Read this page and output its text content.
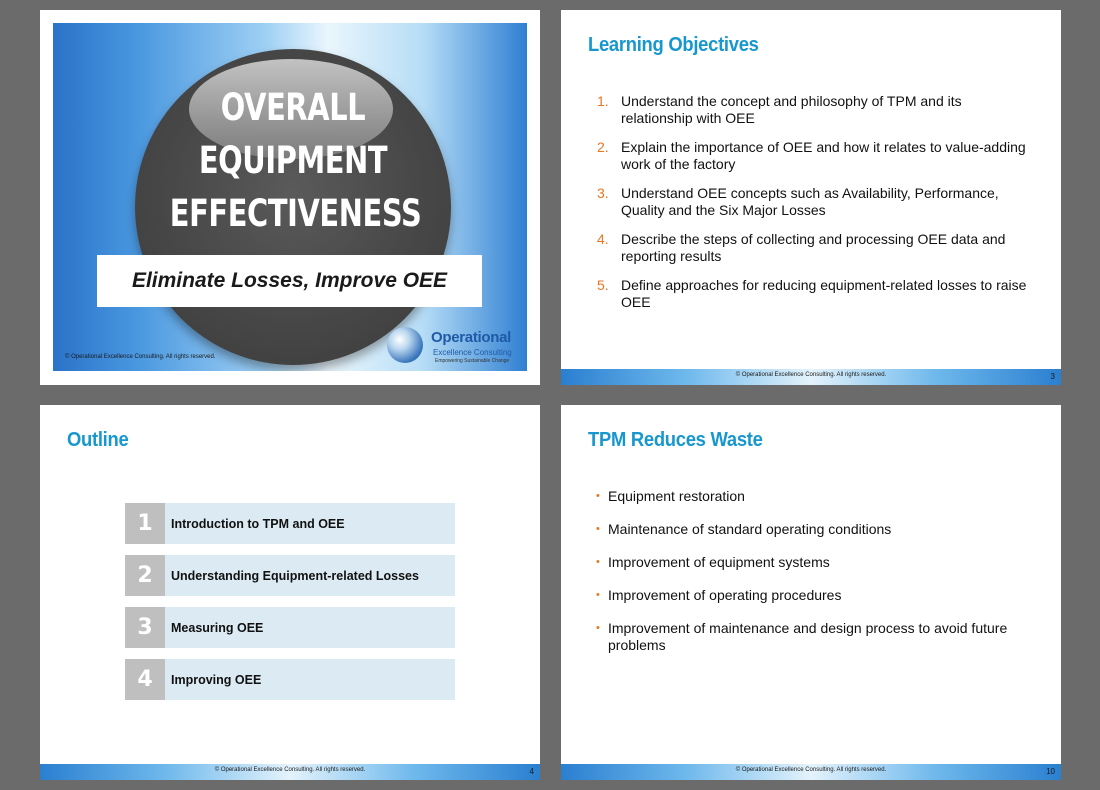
OVERALL
EQUIPMENT
EFFECTIVENESS
Eliminate Losses, Improve OEE
© Operational Excellence Consulting. All rights reserved.
Operational
Excellence Consulting
Empowering Sustainable Change
Learning Objectives
1. Understand the concept and philosophy of TPM and its relationship with OEE
2. Explain the importance of OEE and how it relates to value-adding work of the factory
3. Understand OEE concepts such as Availability, Performance, Quality and the Six Major Losses
4. Describe the steps of collecting and processing OEE data and reporting results
5. Define approaches for reducing equipment-related losses to raise OEE
© Operational Excellence Consulting. All rights reserved.	3
Outline
1	Introduction to TPM and OEE
2	Understanding Equipment-related Losses
3	Measuring OEE
4	Improving OEE
© Operational Excellence Consulting. All rights reserved.	4
TPM Reduces Waste
• Equipment restoration
• Maintenance of standard operating conditions
• Improvement of equipment systems
• Improvement of operating procedures
• Improvement of maintenance and design process to avoid future problems
© Operational Excellence Consulting. All rights reserved.	10
